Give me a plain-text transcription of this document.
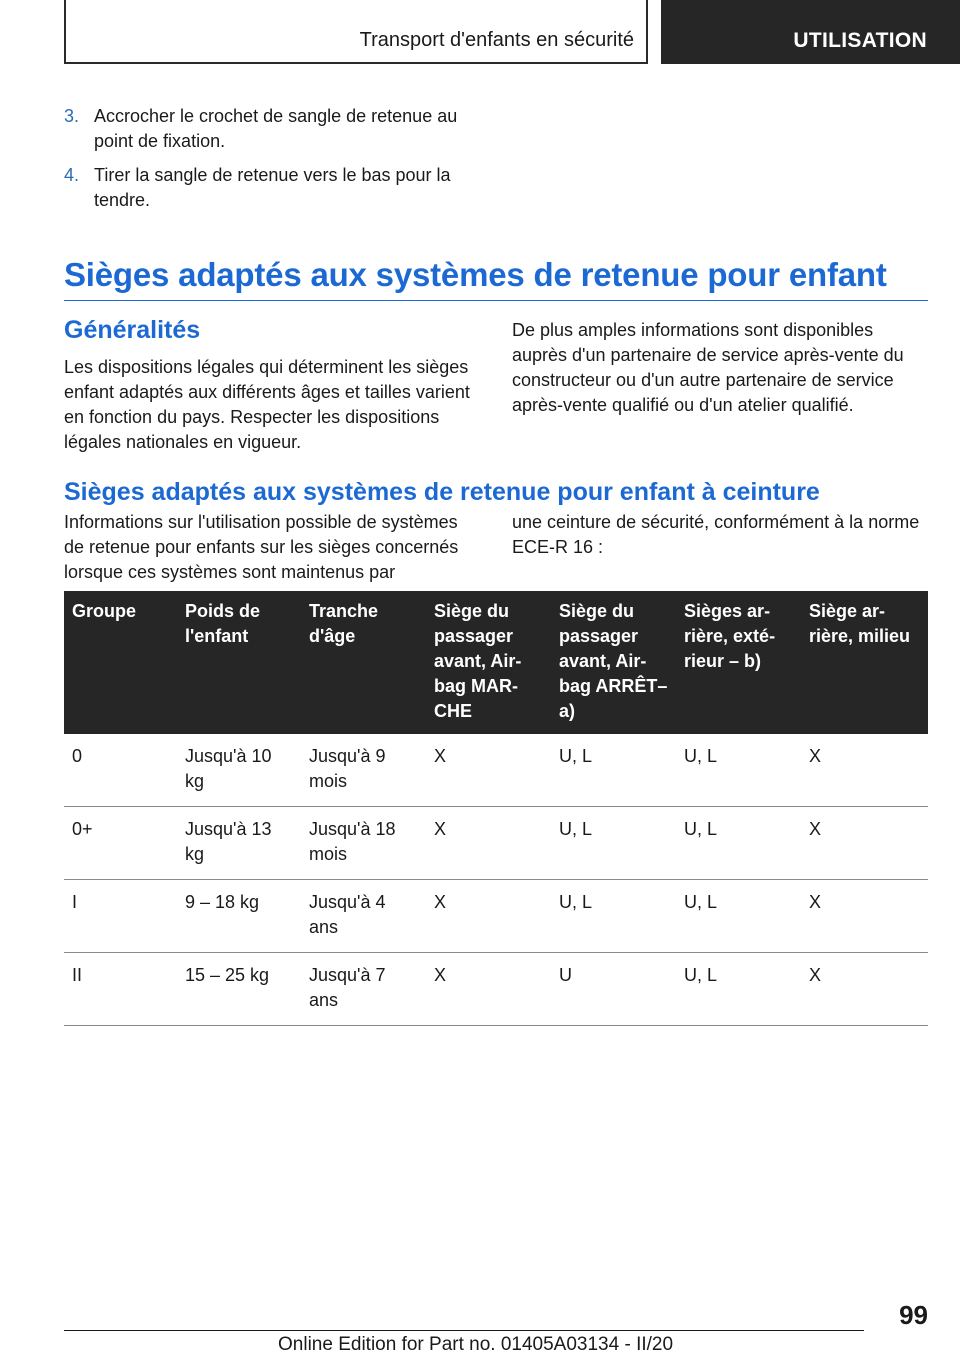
Transport d'enfants en sécurité	UTILISATION
3. Accrocher le crochet de sangle de retenue au point de fixation.
4. Tirer la sangle de retenue vers le bas pour la tendre.
Sièges adaptés aux systèmes de retenue pour enfant
Généralités
Les dispositions légales qui déterminent les sièges enfant adaptés aux différents âges et tailles varient en fonction du pays. Respecter les dispositions légales nationales en vigueur.
De plus amples informations sont disponibles auprès d'un partenaire de service après-vente du constructeur ou d'un autre partenaire de service après-vente qualifié ou d'un atelier qualifié.
Sièges adaptés aux systèmes de retenue pour enfant à ceinture
Informations sur l'utilisation possible de systèmes de retenue pour enfants sur les sièges concernés lorsque ces systèmes sont maintenus par
une ceinture de sécurité, conformément à la norme ECE-R 16 :
Groupe	Poids de l'enfant	Tranche d'âge	Siège du passager avant, Airbag MARCHE	Siège du passager avant, Airbag ARRÊT– a)	Sièges arrière, extérieur – b)	Siège arrière, milieu
0	Jusqu'à 10 kg	Jusqu'à 9 mois	X	U, L	U, L	X
0+	Jusqu'à 13 kg	Jusqu'à 18 mois	X	U, L	U, L	X
I	9 – 18 kg	Jusqu'à 4 ans	X	U, L	U, L	X
II	15 – 25 kg	Jusqu'à 7 ans	X	U	U, L	X
99
Online Edition for Part no. 01405A03134 - II/20
